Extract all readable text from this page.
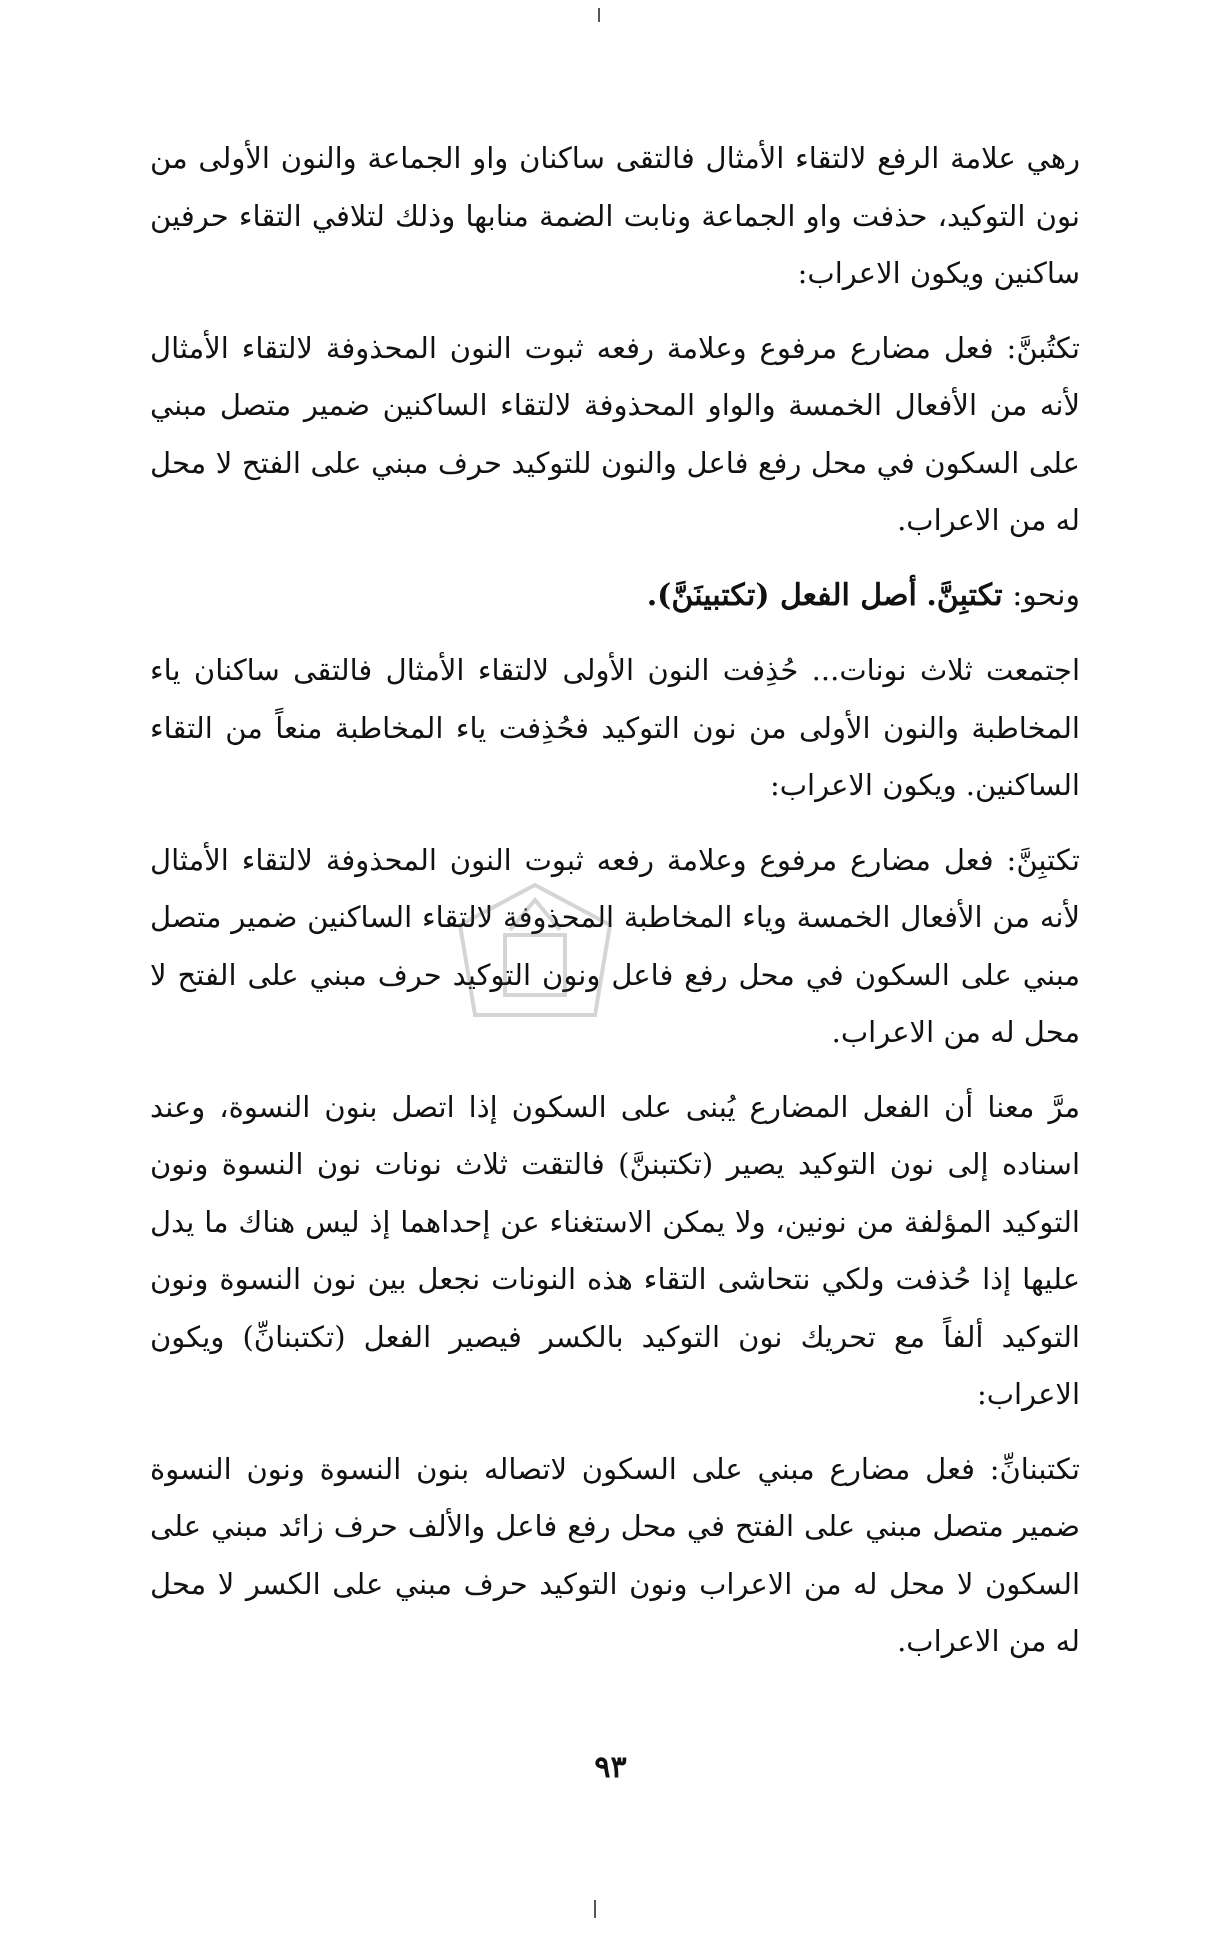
رهي علامة الرفع لالتقاء الأمثال فالتقى ساكنان واو الجماعة والنون الأولى من نون التوكيد، حذفت واو الجماعة ونابت الضمة منابها وذلك لتلافي التقاء حرفين ساكنين ويكون الاعراب:

تكتُبنَّ: فعل مضارع مرفوع وعلامة رفعه ثبوت النون المحذوفة لالتقاء الأمثال لأنه من الأفعال الخمسة والواو المحذوفة لالتقاء الساكنين ضمير متصل مبني على السكون في محل رفع فاعل والنون للتوكيد حرف مبني على الفتح لا محل له من الاعراب.

ونحو: تكتبِنَّ. أصل الفعل (تكتبينَنَّ).

اجتمعت ثلاث نونات... حُذِفت النون الأولى لالتقاء الأمثال فالتقى ساكنان ياء المخاطبة والنون الأولى من نون التوكيد فحُذِفت ياء المخاطبة منعاً من التقاء الساكنين. ويكون الاعراب:

تكتبِنَّ: فعل مضارع مرفوع وعلامة رفعه ثبوت النون المحذوفة لالتقاء الأمثال لأنه من الأفعال الخمسة وياء المخاطبة المحذوفة لالتقاء الساكنين ضمير متصل مبني على السكون في محل رفع فاعل ونون التوكيد حرف مبني على الفتح لا محل له من الاعراب.

مرَّ معنا أن الفعل المضارع يُبنى على السكون إذا اتصل بنون النسوة، وعند اسناده إلى نون التوكيد يصير (تكتبننَّ) فالتقت ثلاث نونات نون النسوة ونون التوكيد المؤلفة من نونين، ولا يمكن الاستغناء عن إحداهما إذ ليس هناك ما يدل عليها إذا حُذفت ولكي نتحاشى التقاء هذه النونات نجعل بين نون النسوة ونون التوكيد ألفاً مع تحريك نون التوكيد بالكسر فيصير الفعل (تكتبنانِّ) ويكون الاعراب:

تكتبنانِّ: فعل مضارع مبني على السكون لاتصاله بنون النسوة ونون النسوة ضمير متصل مبني على الفتح في محل رفع فاعل والألف حرف زائد مبني على السكون لا محل له من الاعراب ونون التوكيد حرف مبني على الكسر لا محل له من الاعراب.

٩٣
